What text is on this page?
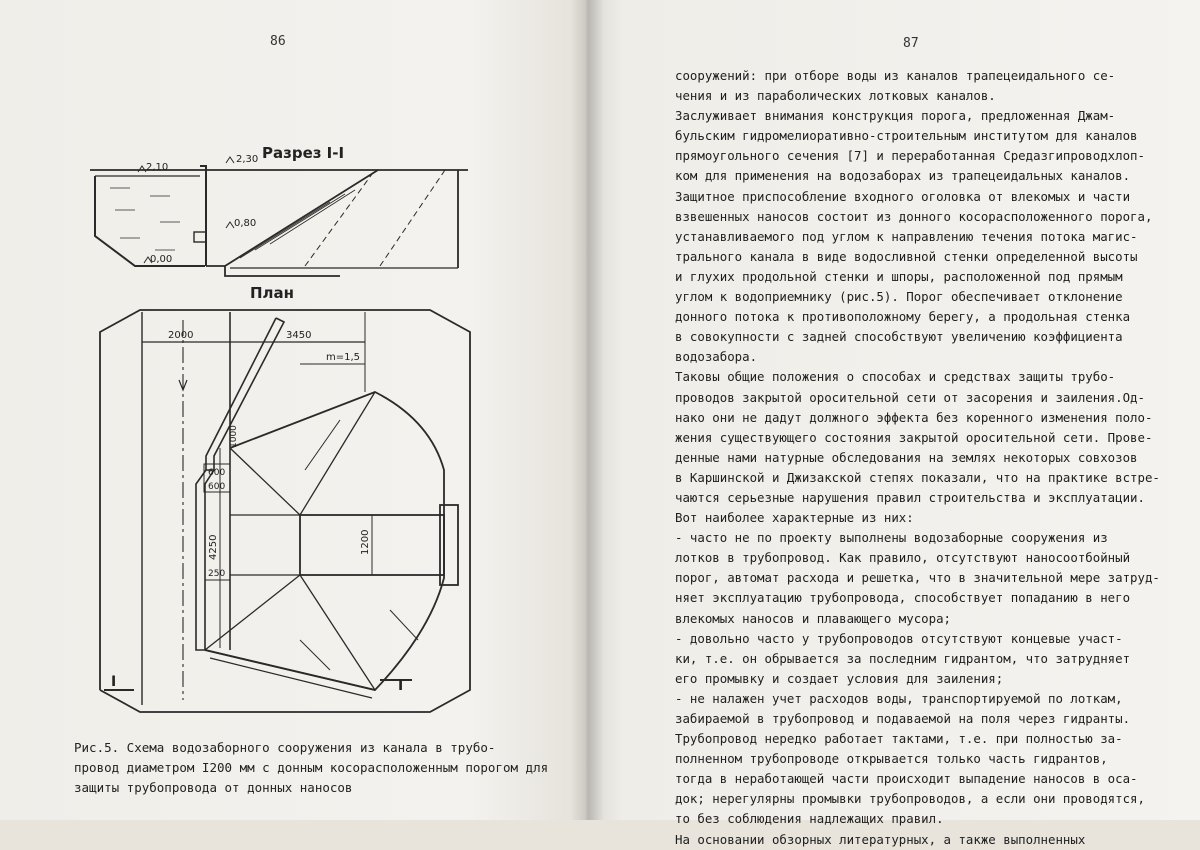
86	87
Разрез I-I
2,10
2,30
0,80
0,00
План
2000	3450
m=1,5
1200
4250
1000
600
600
250
I	I
Рис.5. Схема водозаборного сооружения из канала в трубо-
провод диаметром I200 мм с донным косорасположенным порогом для
защиты трубопровода от донных наносов
сооружений: при отборе воды из каналов трапецеидального се-
чения и из параболических лотковых каналов.
Заслуживает внимания конструкция порога, предложенная Джам-
бульским гидромелиоративно-строительным институтом для каналов
прямоугольного сечения [7] и переработанная Средазгипроводхлоп-
ком для применения на водозаборах из трапецеидальных каналов.
Защитное приспособление входного оголовка от влекомых и части
взвешенных наносов состоит из донного косорасположенного порога,
устанавливаемого под углом к направлению течения потока магис-
трального канала в виде водосливной стенки определенной высоты
и глухих продольной стенки и шпоры, расположенной под прямым
углом к водоприемнику (рис.5). Порог обеспечивает отклонение
донного потока к противоположному берегу, а продольная стенка
в совокупности с задней способствуют увеличению коэффициента
водозабора.
Таковы общие положения о способах и средствах защиты трубо-
проводов закрытой оросительной сети от засорения и заиления.Од-
нако они не дадут должного эффекта без коренного изменения поло-
жения существующего состояния закрытой оросительной сети. Прове-
денные нами натурные обследования на землях некоторых совхозов
в Каршинской и Джизакской степях показали, что на практике встре-
чаются серьезные нарушения правил строительства и эксплуатации.
Вот наиболее характерные из них:
- часто не по проекту выполнены водозаборные сооружения из
лотков в трубопровод. Как правило, отсутствуют наносоотбойный
порог, автомат расхода и решетка, что в значительной мере затруд-
няет эксплуатацию трубопровода, способствует попаданию в него
влекомых наносов и плавающего мусора;
- довольно часто у трубопроводов отсутствуют концевые участ-
ки, т.е. он обрывается за последним гидрантом, что затрудняет
его промывку и создает условия для заиления;
- не налажен учет расходов воды, транспортируемой по лоткам,
забираемой в трубопровод и подаваемой на поля через гидранты.
Трубопровод нередко работает тактами, т.е. при полностью за-
полненном трубопроводе открывается только часть гидрантов,
тогда в неработающей части происходит выпадение наносов в оса-
док; нерегулярны промывки трубопроводов, а если они проводятся,
то без соблюдения надлежащих правил.
На основании обзорных литературных, а также выполненных
